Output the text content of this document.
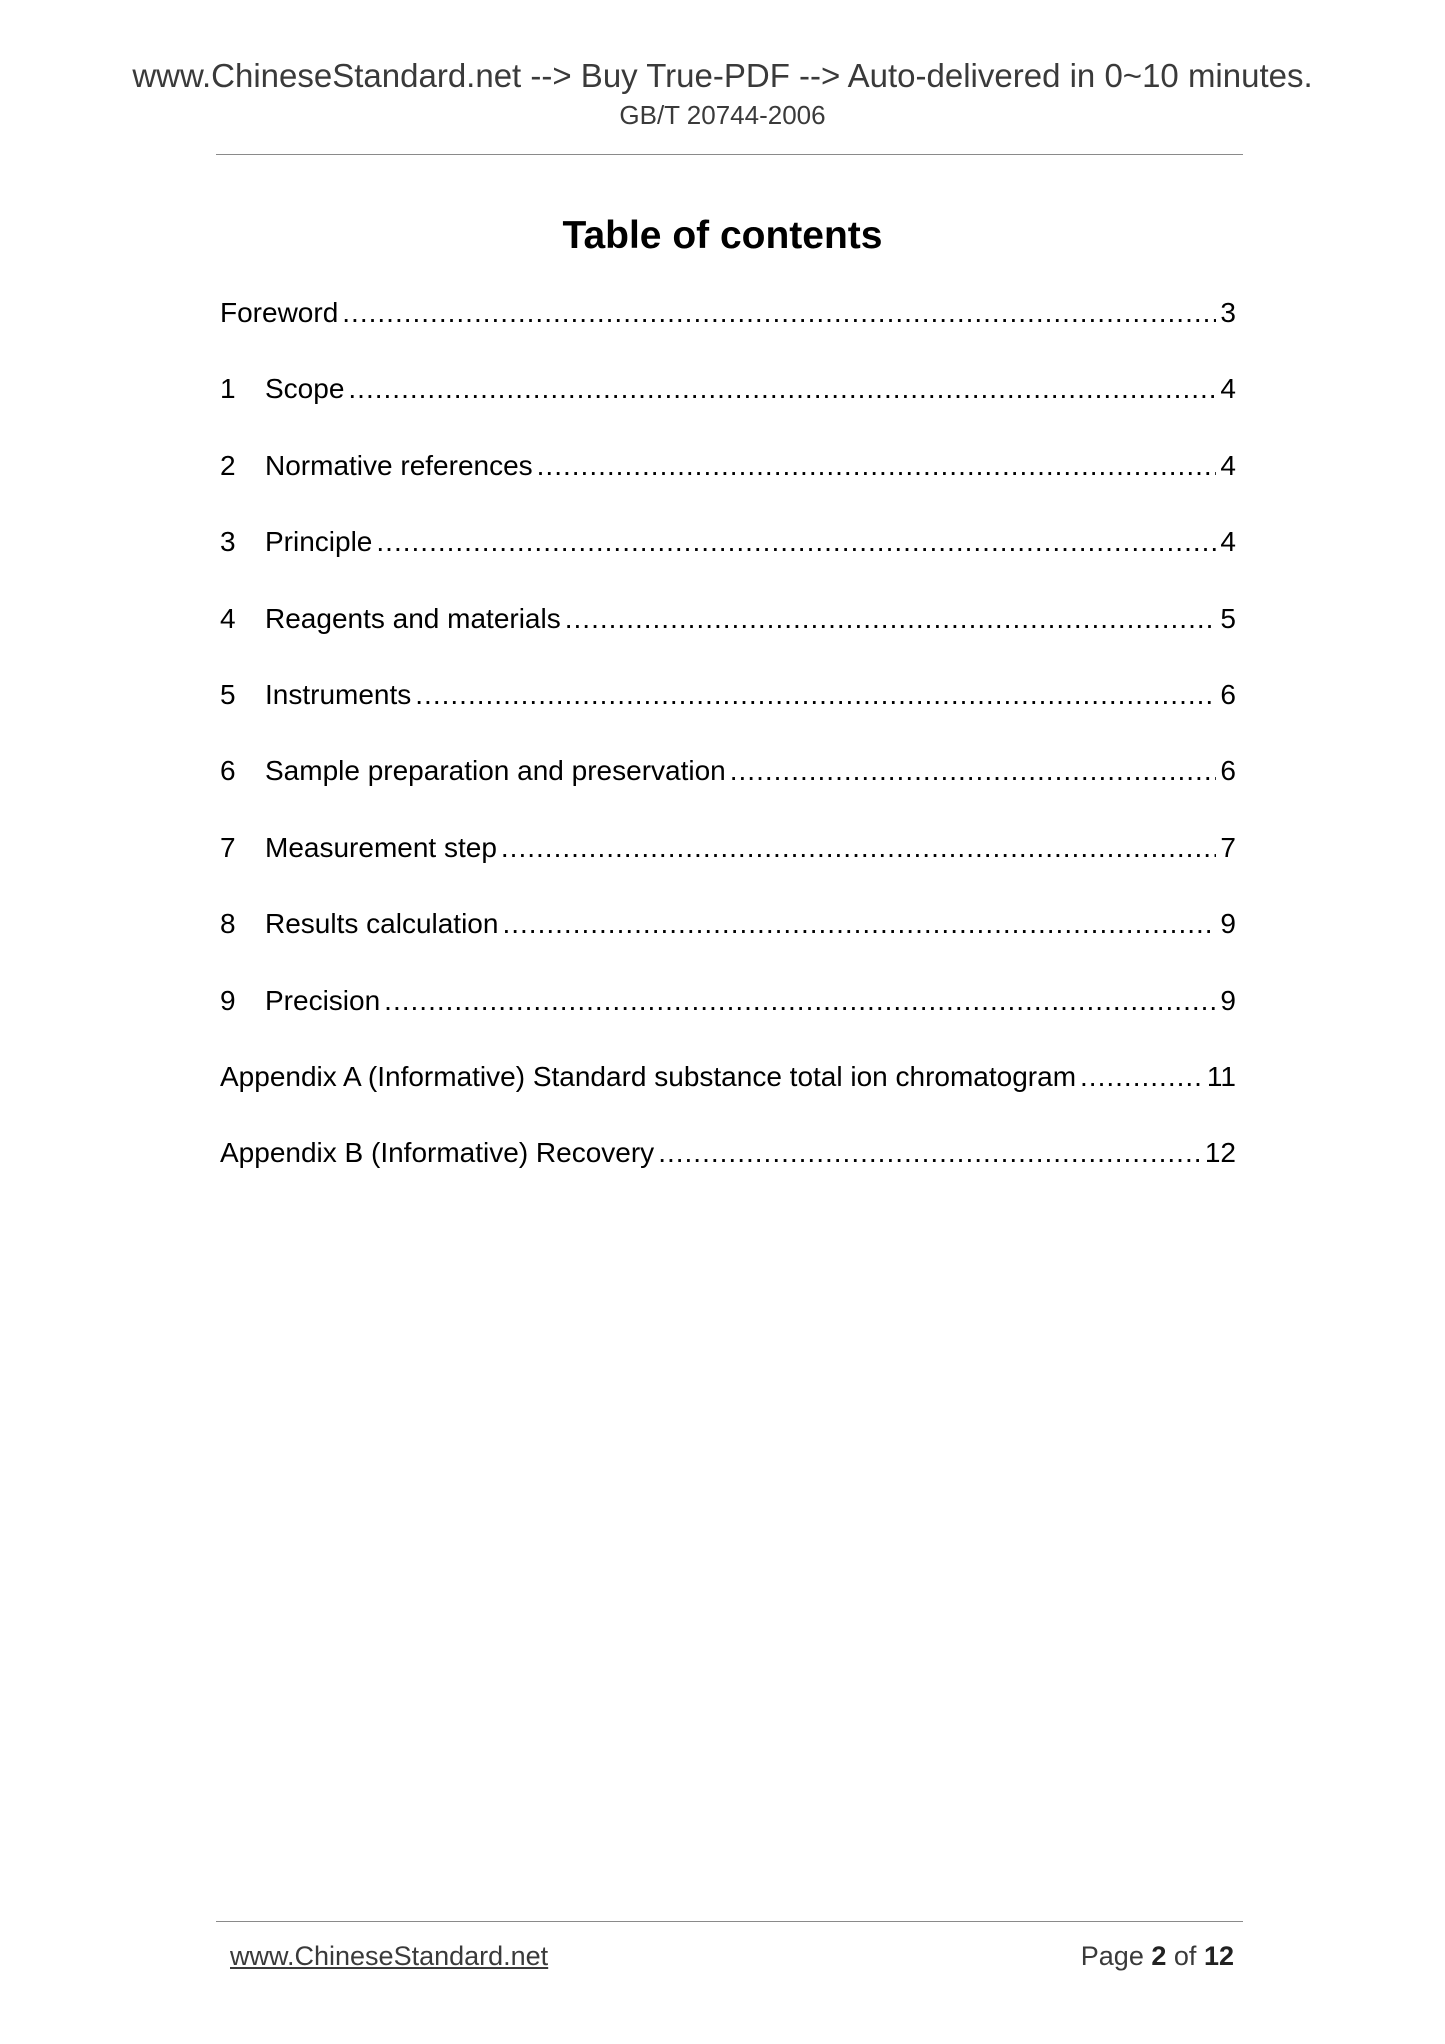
www.ChineseStandard.net --> Buy True-PDF --> Auto-delivered in 0~10 minutes.
GB/T 20744-2006
Table of contents
Foreword .....	3
1	Scope .....	4
2	Normative references .....	4
3	Principle .....	4
4	Reagents and materials .....	5
5	Instruments .....	6
6	Sample preparation and preservation .....	6
7	Measurement step .....	7
8	Results calculation .....	9
9	Precision .....	9
Appendix A (Informative) Standard substance total ion chromatogram .....	11
Appendix B (Informative) Recovery .....	12
www.ChineseStandard.net	Page 2 of 12
